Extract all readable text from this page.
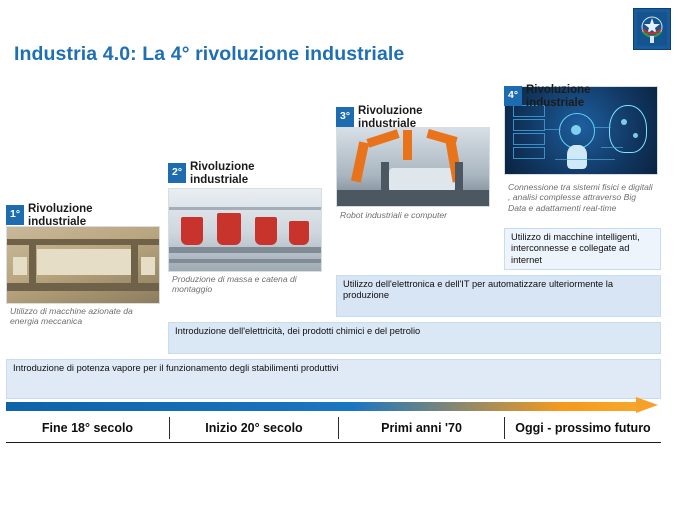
Industria 4.0: La 4° rivoluzione industriale
4° Rivoluzione
industriale
Connessione tra sistemi fisici e digitali , analisi complesse attraverso Big Data e adattamenti real-time
3° Rivoluzione
industriale
Robot industriali e computer
2° Rivoluzione
industriale
Produzione di massa e catena di montaggio
1° Rivoluzione
industriale
Utilizzo di macchine azionate da energia meccanica
Utilizzo di macchine intelligenti, interconnesse e collegate ad internet
Utilizzo dell'elettronica e dell'IT per automatizzare ulteriormente la produzione
Introduzione dell'elettricità, dei prodotti chimici e del petrolio
Introduzione di potenza vapore per il funzionamento degli stabilimenti produttivi
Fine 18° secolo	Inizio 20° secolo	Primi anni '70	Oggi - prossimo futuro
